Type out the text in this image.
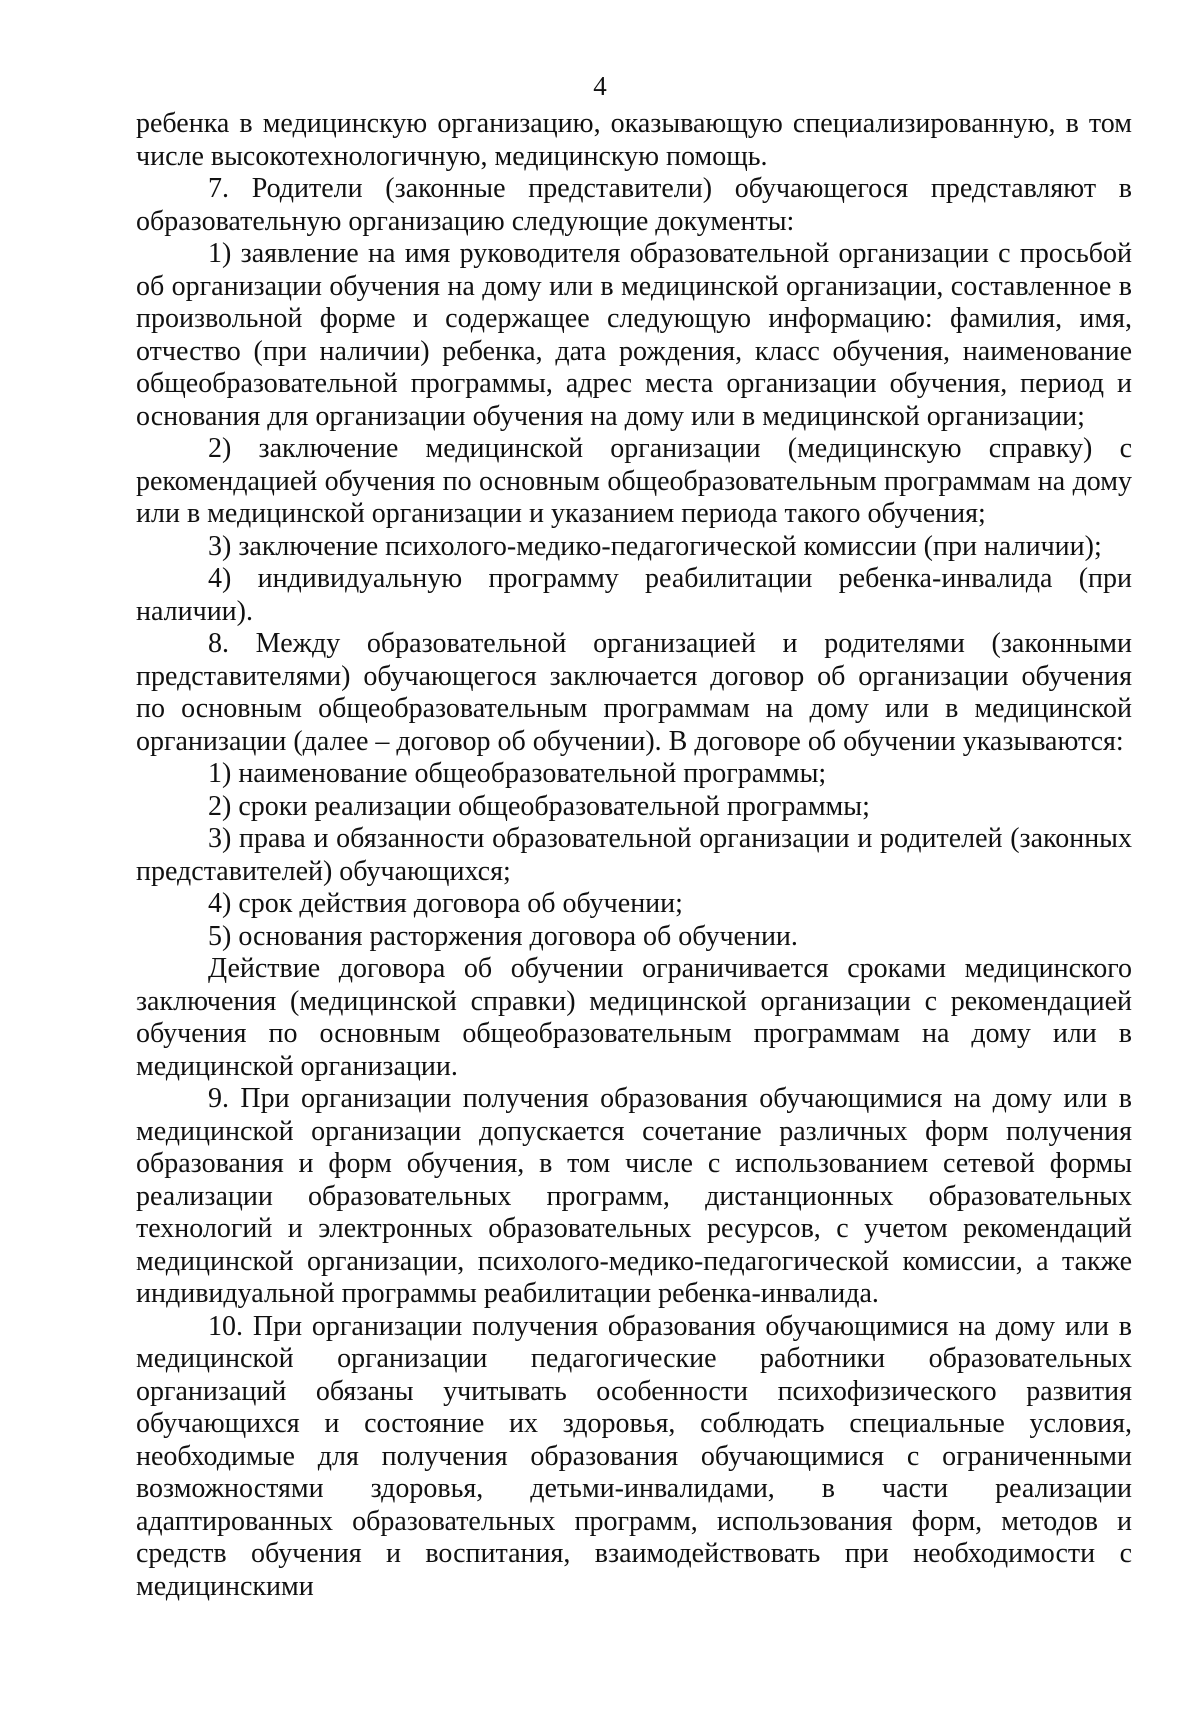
4

ребенка в медицинскую организацию, оказывающую специализированную, в том числе высокотехнологичную, медицинскую помощь.

7. Родители (законные представители) обучающегося представляют в образовательную организацию следующие документы:

1) заявление на имя руководителя образовательной организации с просьбой об организации обучения на дому или в медицинской организации, составленное в произвольной форме и содержащее следующую информацию: фамилия, имя, отчество (при наличии) ребенка, дата рождения, класс обучения, наименование общеобразовательной программы, адрес места организации обучения, период и основания для организации обучения на дому или в медицинской организации;

2) заключение медицинской организации (медицинскую справку) с рекомендацией обучения по основным общеобразовательным программам на дому или в медицинской организации и указанием периода такого обучения;

3) заключение психолого-медико-педагогической комиссии (при наличии);

4) индивидуальную программу реабилитации ребенка-инвалида (при наличии).

8. Между образовательной организацией и родителями (законными представителями) обучающегося заключается договор об организации обучения по основным общеобразовательным программам на дому или в медицинской организации (далее – договор об обучении). В договоре об обучении указываются:

1) наименование общеобразовательной программы;

2) сроки реализации общеобразовательной программы;

3) права и обязанности образовательной организации и родителей (законных представителей) обучающихся;

4) срок действия договора об обучении;

5) основания расторжения договора об обучении.

Действие договора об обучении ограничивается сроками медицинского заключения (медицинской справки) медицинской организации с рекомендацией обучения по основным общеобразовательным программам на дому или в медицинской организации.

9. При организации получения образования обучающимися на дому или в медицинской организации допускается сочетание различных форм получения образования и форм обучения, в том числе с использованием сетевой формы реализации образовательных программ, дистанционных образовательных технологий и электронных образовательных ресурсов, с учетом рекомендаций медицинской организации, психолого-медико-педагогической комиссии, а также индивидуальной программы реабилитации ребенка-инвалида.

10. При организации получения образования обучающимися на дому или в медицинской организации педагогические работники образовательных организаций обязаны учитывать особенности психофизического развития обучающихся и состояние их здоровья, соблюдать специальные условия, необходимые для получения образования обучающимися с ограниченными возможностями здоровья, детьми-инвалидами, в части реализации адаптированных образовательных программ, использования форм, методов и средств обучения и воспитания, взаимодействовать при необходимости с медицинскими
